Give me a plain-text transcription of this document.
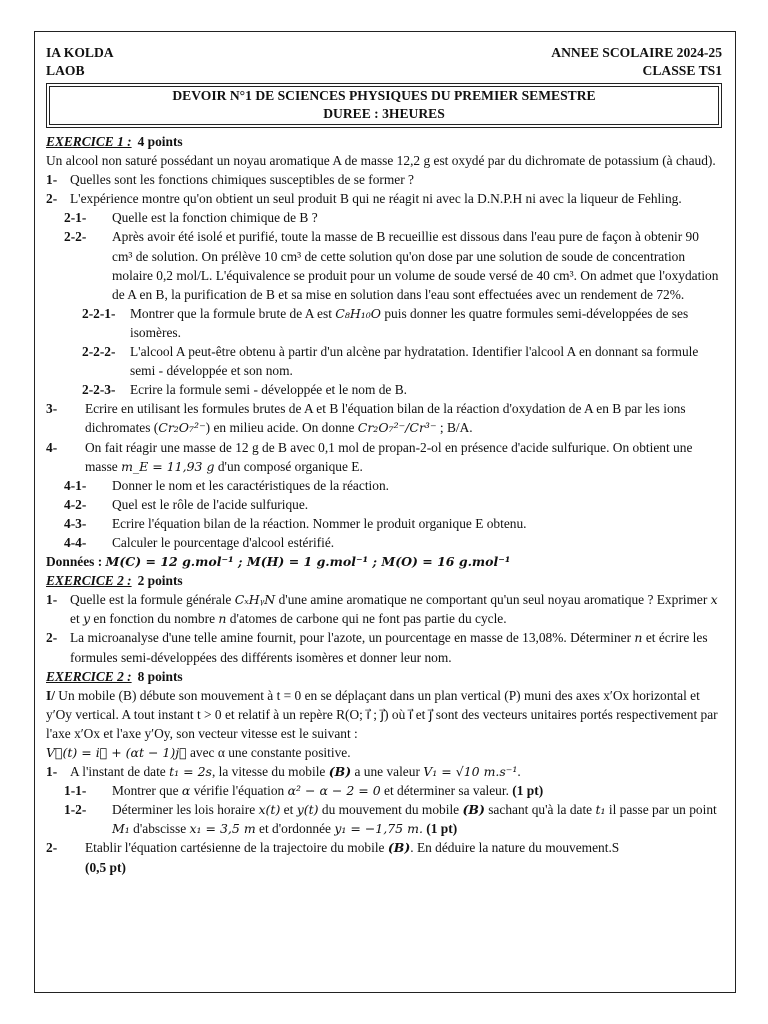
IA KOLDA
LAOB
ANNEE SCOLAIRE 2024-25
CLASSE TS1
DEVOIR N°1 DE SCIENCES PHYSIQUES DU PREMIER SEMESTRE
DUREE : 3HEURES
EXERCICE 1 : 4 points

Un alcool non saturé possédant un noyau aromatique A de masse 12,2 g est oxydé par du dichromate de potassium (à chaud).

1- Quelles sont les fonctions chimiques susceptibles de se former ?
2- L'expérience montre qu'on obtient un seul produit B qui ne réagit ni avec la D.N.P.H ni avec la liqueur de Fehling.
2-1-	Quelle est la fonction chimique de B ?
2-2-	Après avoir été isolé et purifié, toute la masse de B recueillie est dissous dans l'eau pure de façon à obtenir 90 cm³ de solution. On prélève 10 cm³ de cette solution qu'on dose par une solution de soude de concentration molaire 0,2 mol/L. L'équivalence se produit pour un volume de soude versé de 40 cm³. On admet que l'oxydation de A en B, la purification de B et sa mise en solution dans l'eau sont effectuées avec un rendement de 72%.
2-2-1-	Montrer que la formule brute de A est C₈H₁₀O puis donner les quatre formules semi-développées de ses isomères.
2-2-2-	L'alcool A peut-être obtenu à partir d'un alcène par hydratation. Identifier l'alcool A en donnant sa formule semi - développée et son nom.
2-2-3-	Ecrire la formule semi - développée et le nom de B.
3-	Ecrire en utilisant les formules brutes de A et B l'équation bilan de la réaction d'oxydation de A en B par les ions dichromates (Cr₂O₇²⁻) en milieu acide. On donne Cr₂O₇²⁻/Cr³⁻ ; B/A.
4-	On fait réagir une masse de 12 g de B avec 0,1 mol de propan-2-ol en présence d'acide sulfurique. On obtient une masse m_E = 11,93 g d'un composé organique E.
4-1-	Donner le nom et les caractéristiques de la réaction.
4-2-	Quel est le rôle de l'acide sulfurique.
4-3-	Ecrire l'équation bilan de la réaction. Nommer le produit organique E obtenu.
4-4-	Calculer le pourcentage d'alcool estérifié.

Données : M(C) = 12 g.mol⁻¹ ; M(H) = 1 g.mol⁻¹ ; M(O) = 16 g.mol⁻¹

EXERCICE 2 : 2 points
1- Quelle est la formule générale CₓHᵧN d'une amine aromatique ne comportant qu'un seul noyau aromatique ? Exprimer x et y en fonction du nombre n d'atomes de carbone qui ne font pas partie du cycle.
2- La microanalyse d'une telle amine fournit, pour l'azote, un pourcentage en masse de 13,08%. Déterminer n et écrire les formules semi-développées des différents isomères et donner leur nom.
EXERCICE 2 : 8 points

I/ Un mobile (B) débute son mouvement à t = 0 en se déplaçant dans un plan vertical (P) muni des axes x′Ox horizontal et y′Oy vertical. A tout instant t > 0 et relatif à un repère R(O; i⃗ ; j⃗) où i⃗ et j⃗ sont des vecteurs unitaires portés respectivement par l'axe x′Ox et l'axe y′Oy, son vecteur vitesse est le suivant :

V⃗(t) = i⃗ + (αt − 1)j⃗ avec α une constante positive.

1- A l'instant de date t₁ = 2s, la vitesse du mobile (B) a une valeur V₁ = √10 m.s⁻¹.
1-1-	Montrer que α vérifie l'équation α² − α − 2 = 0 et déterminer sa valeur. (1 pt)
1-2-	Déterminer les lois horaire x(t) et y(t) du mouvement du mobile (B) sachant qu'à la date t₁ il passe par un point M₁ d'abscisse x₁ = 3,5 m et d'ordonnée y₁ = −1,75 m. (1 pt)
2-	Etablir l'équation cartésienne de la trajectoire du mobile (B). En déduire la nature du mouvement.S
(0,5 pt)
